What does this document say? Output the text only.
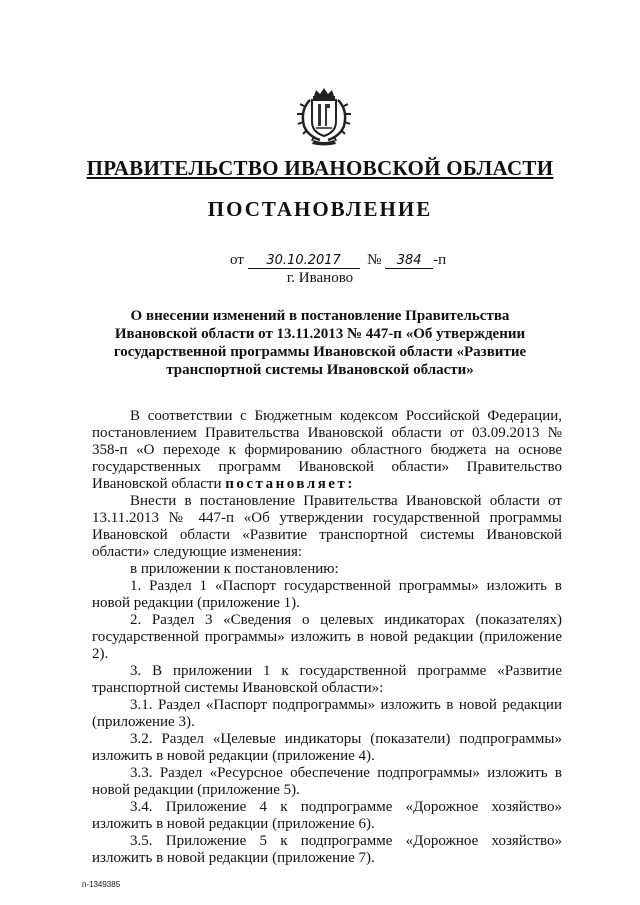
ПРАВИТЕЛЬСТВО ИВАНОВСКОЙ ОБЛАСТИ
ПОСТАНОВЛЕНИЕ
от 30.10.2017 № 384 -п
г. Иваново
О внесении изменений в постановление Правительства Ивановской области от 13.11.2013 № 447-п «Об утверждении государственной программы Ивановской области «Развитие транспортной системы Ивановской области»

В соответствии с Бюджетным кодексом Российской Федерации, постановлением Правительства Ивановской области от 03.09.2013 № 358-п «О переходе к формированию областного бюджета на основе государственных программ Ивановской области» Правительство Ивановской области постановляет:

Внести в постановление Правительства Ивановской области от 13.11.2013 № 447-п «Об утверждении государственной программы Ивановской области «Развитие транспортной системы Ивановской области» следующие изменения:

в приложении к постановлению:

1. Раздел 1 «Паспорт государственной программы» изложить в новой редакции (приложение 1).

2. Раздел 3 «Сведения о целевых индикаторах (показателях) государственной программы» изложить в новой редакции (приложение 2).

3. В приложении 1 к государственной программе «Развитие транспортной системы Ивановской области»:

3.1. Раздел «Паспорт подпрограммы» изложить в новой редакции (приложение 3).

3.2. Раздел «Целевые индикаторы (показатели) подпрограммы» изложить в новой редакции (приложение 4).

3.3. Раздел «Ресурсное обеспечение подпрограммы» изложить в новой редакции (приложение 5).

3.4. Приложение 4 к подпрограмме «Дорожное хозяйство» изложить в новой редакции (приложение 6).

3.5. Приложение 5 к подпрограмме «Дорожное хозяйство» изложить в новой редакции (приложение 7).

п-1349385
